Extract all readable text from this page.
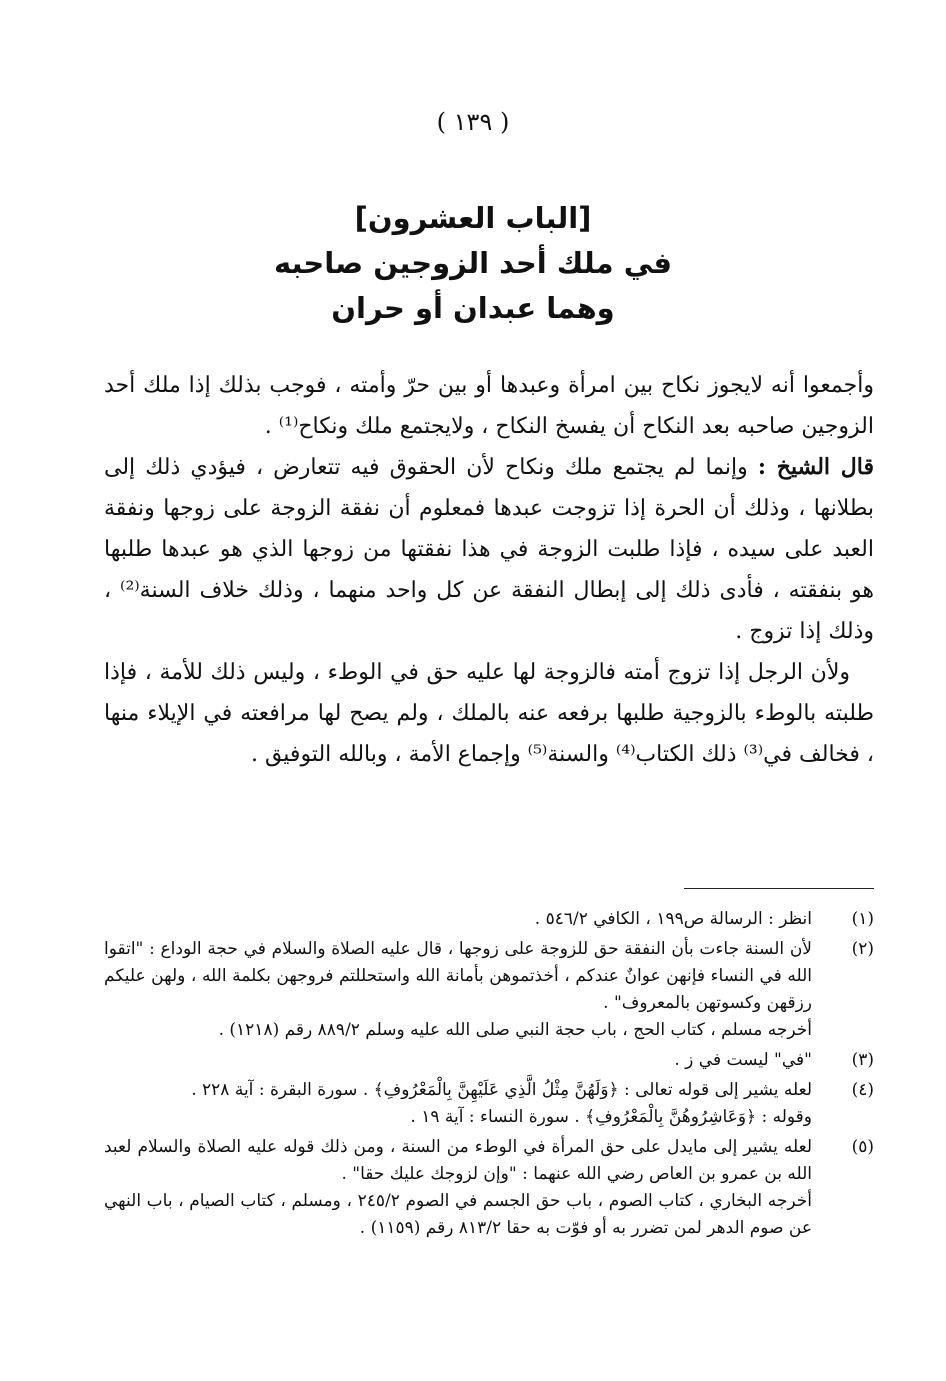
( ١٣٩ )
[الباب العشرون]
في ملك أحد الزوجين صاحبه
وهما عبدان أو حران

وأجمعوا أنه لايجوز نكاح بين امرأة وعبدها أو بين حرّ وأمته ، فوجب بذلك إذا ملك أحد الزوجين صاحبه بعد النكاح أن يفسخ النكاح ، ولايجتمع ملك ونكاح⁽¹⁾ .

قال الشيخ : وإنما لم يجتمع ملك ونكاح لأن الحقوق فيه تتعارض ، فيؤدي ذلك إلى بطلانها ، وذلك أن الحرة إذا تزوجت عبدها فمعلوم أن نفقة الزوجة على زوجها ونفقة العبد على سيده ، فإذا طلبت الزوجة في هذا نفقتها من زوجها الذي هو عبدها طلبها هو بنفقته ، فأدى ذلك إلى إبطال النفقة عن كل واحد منهما ، وذلك خلاف السنة⁽²⁾ ، وذلك إذا تزوج .

ولأن الرجل إذا تزوج أمته فالزوجة لها عليه حق في الوطء ، وليس ذلك للأمة ، فإذا طلبته بالوطء بالزوجية طلبها برفعه عنه بالملك ، ولم يصح لها مرافعته في الإيلاء منها ، فخالف في⁽³⁾ ذلك الكتاب⁽⁴⁾ والسنة⁽⁵⁾ وإجماع الأمة ، وبالله التوفيق .

(١)

انظر : الرسالة ص١٩٩ ، الكافي ٥٤٦/٢ .

(٢)

لأن السنة جاءت بأن النفقة حق للزوجة على زوجها ، قال عليه الصلاة والسلام في حجة الوداع : "اتقوا الله في النساء فإنهن عوانٌ عندكم ، أخذتموهن بأمانة الله واستحللتم فروجهن بكلمة الله ، ولهن عليكم رزقهن وكسوتهن بالمعروف" .

أخرجه مسلم ، كتاب الحج ، باب حجة النبي صلى الله عليه وسلم ٨٨٩/٢ رقم (١٢١٨) .

(٣)

"في" ليست في ز .

(٤)

لعله يشير إلى قوله تعالى : ﴿وَلَهُنَّ مِثْلُ الَّذِي عَلَيْهِنَّ بِالْمَعْرُوفِ﴾ . سورة البقرة : آية ٢٢٨ .

وقوله : ﴿وَعَاشِرُوهُنَّ بِالْمَعْرُوفِ﴾ . سورة النساء : آية ١٩ .

(٥)

لعله يشير إلى مايدل على حق المرأة في الوطء من السنة ، ومن ذلك قوله عليه الصلاة والسلام لعبد الله بن عمرو بن العاص رضي الله عنهما : "وإن لزوجك عليك حقا" .

أخرجه البخاري ، كتاب الصوم ، باب حق الجسم في الصوم ٢٤٥/٢ ، ومسلم ، كتاب الصيام ، باب النهي عن صوم الدهر لمن تضرر به أو فوّت به حقا ٨١٣/٢ رقم (١١٥٩) .
